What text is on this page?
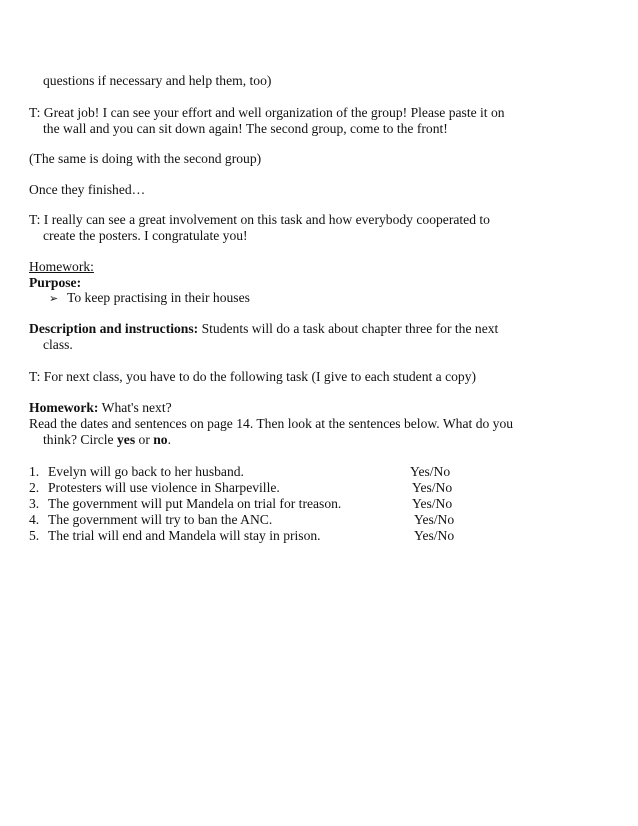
questions if necessary and help them, too)
T: Great job! I can see your effort and well organization of the group! Please paste it on
the wall and you can sit down again! The second group, come to the front!
(The same is doing with the second group)
Once they finished…
T: I really can see a great involvement on this task and how everybody cooperated to
create the posters. I congratulate you!
Homework:
Purpose:
➢ To keep practising in their houses
Description and instructions: Students will do a task about chapter three for the next
class.
T: For next class, you have to do the following task (I give to each student a copy)
Homework: What's next?
Read the dates and sentences on page 14. Then look at the sentences below. What do you
think? Circle yes or no.
1. Evelyn will go back to her husband.	Yes/No
2. Protesters will use violence in Sharpeville.	Yes/No
3. The government will put Mandela on trial for treason.	Yes/No
4. The government will try to ban the ANC.	Yes/No
5. The trial will end and Mandela will stay in prison.	Yes/No
